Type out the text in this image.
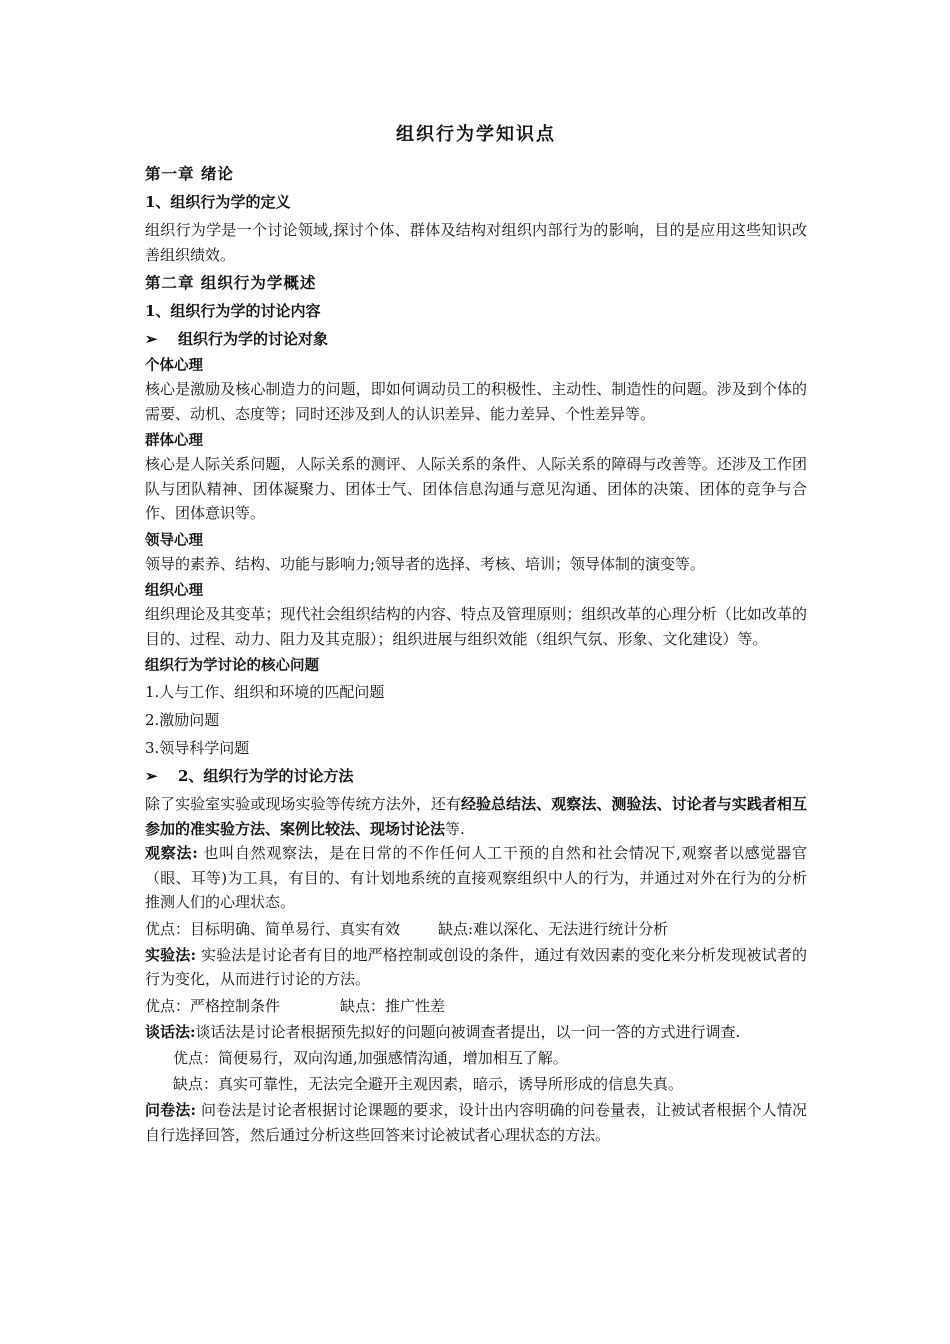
组织行为学知识点
第一章 绪论
1、组织行为学的定义

组织行为学是一个讨论领域,探讨个体、群体及结构对组织内部行为的影响，目的是应用这些知识改善组织绩效。

第二章 组织行为学概述
1、组织行为学的讨论内容
➢ 组织行为学的讨论对象
个体心理

核心是激励及核心制造力的问题，即如何调动员工的积极性、主动性、制造性的问题。涉及到个体的需要、动机、态度等；同时还涉及到人的认识差异、能力差异、个性差异等。

群体心理

核心是人际关系问题，人际关系的测评、人际关系的条件、人际关系的障碍与改善等。还涉及工作团队与团队精神、团体凝聚力、团体士气、团体信息沟通与意见沟通、团体的决策、团体的竞争与合作、团体意识等。

领导心理

领导的素养、结构、功能与影响力;领导者的选择、考核、培训；领导体制的演变等。

组织心理

组织理论及其变革；现代社会组织结构的内容、特点及管理原则；组织改革的心理分析（比如改革的目的、过程、动力、阻力及其克服）；组织进展与组织效能（组织气氛、形象、文化建设）等。

组织行为学讨论的核心问题
1.人与工作、组织和环境的匹配问题
2.激励问题
3.领导科学问题
➢ 2、组织行为学的讨论方法

除了实验室实验或现场实验等传统方法外，还有经验总结法、观察法、测验法、讨论者与实践者相互参加的准实验方法、案例比较法、现场讨论法等.

观察法: 也叫自然观察法，是在日常的不作任何人工干预的自然和社会情况下,观察者以感觉器官（眼、耳等)为工具，有目的、有计划地系统的直接观察组织中人的行为，并通过对外在行为的分析推测人们的心理状态。

优点：目标明确、简单易行、真实有效	缺点:难以深化、无法进行统计分析

实验法: 实验法是讨论者有目的地严格控制或创设的条件，通过有效因素的变化来分析发现被试者的行为变化，从而进行讨论的方法。

优点：严格控制条件	缺点：推广性差

谈话法:谈话法是讨论者根据预先拟好的问题向被调查者提出，以一问一答的方式进行调查.

优点：简便易行，双向沟通,加强感情沟通，增加相互了解。
缺点：真实可靠性，无法完全避开主观因素，暗示，诱导所形成的信息失真。

问卷法: 问卷法是讨论者根据讨论课题的要求，设计出内容明确的问卷量表，让被试者根据个人情况自行选择回答，然后通过分析这些回答来讨论被试者心理状态的方法。
